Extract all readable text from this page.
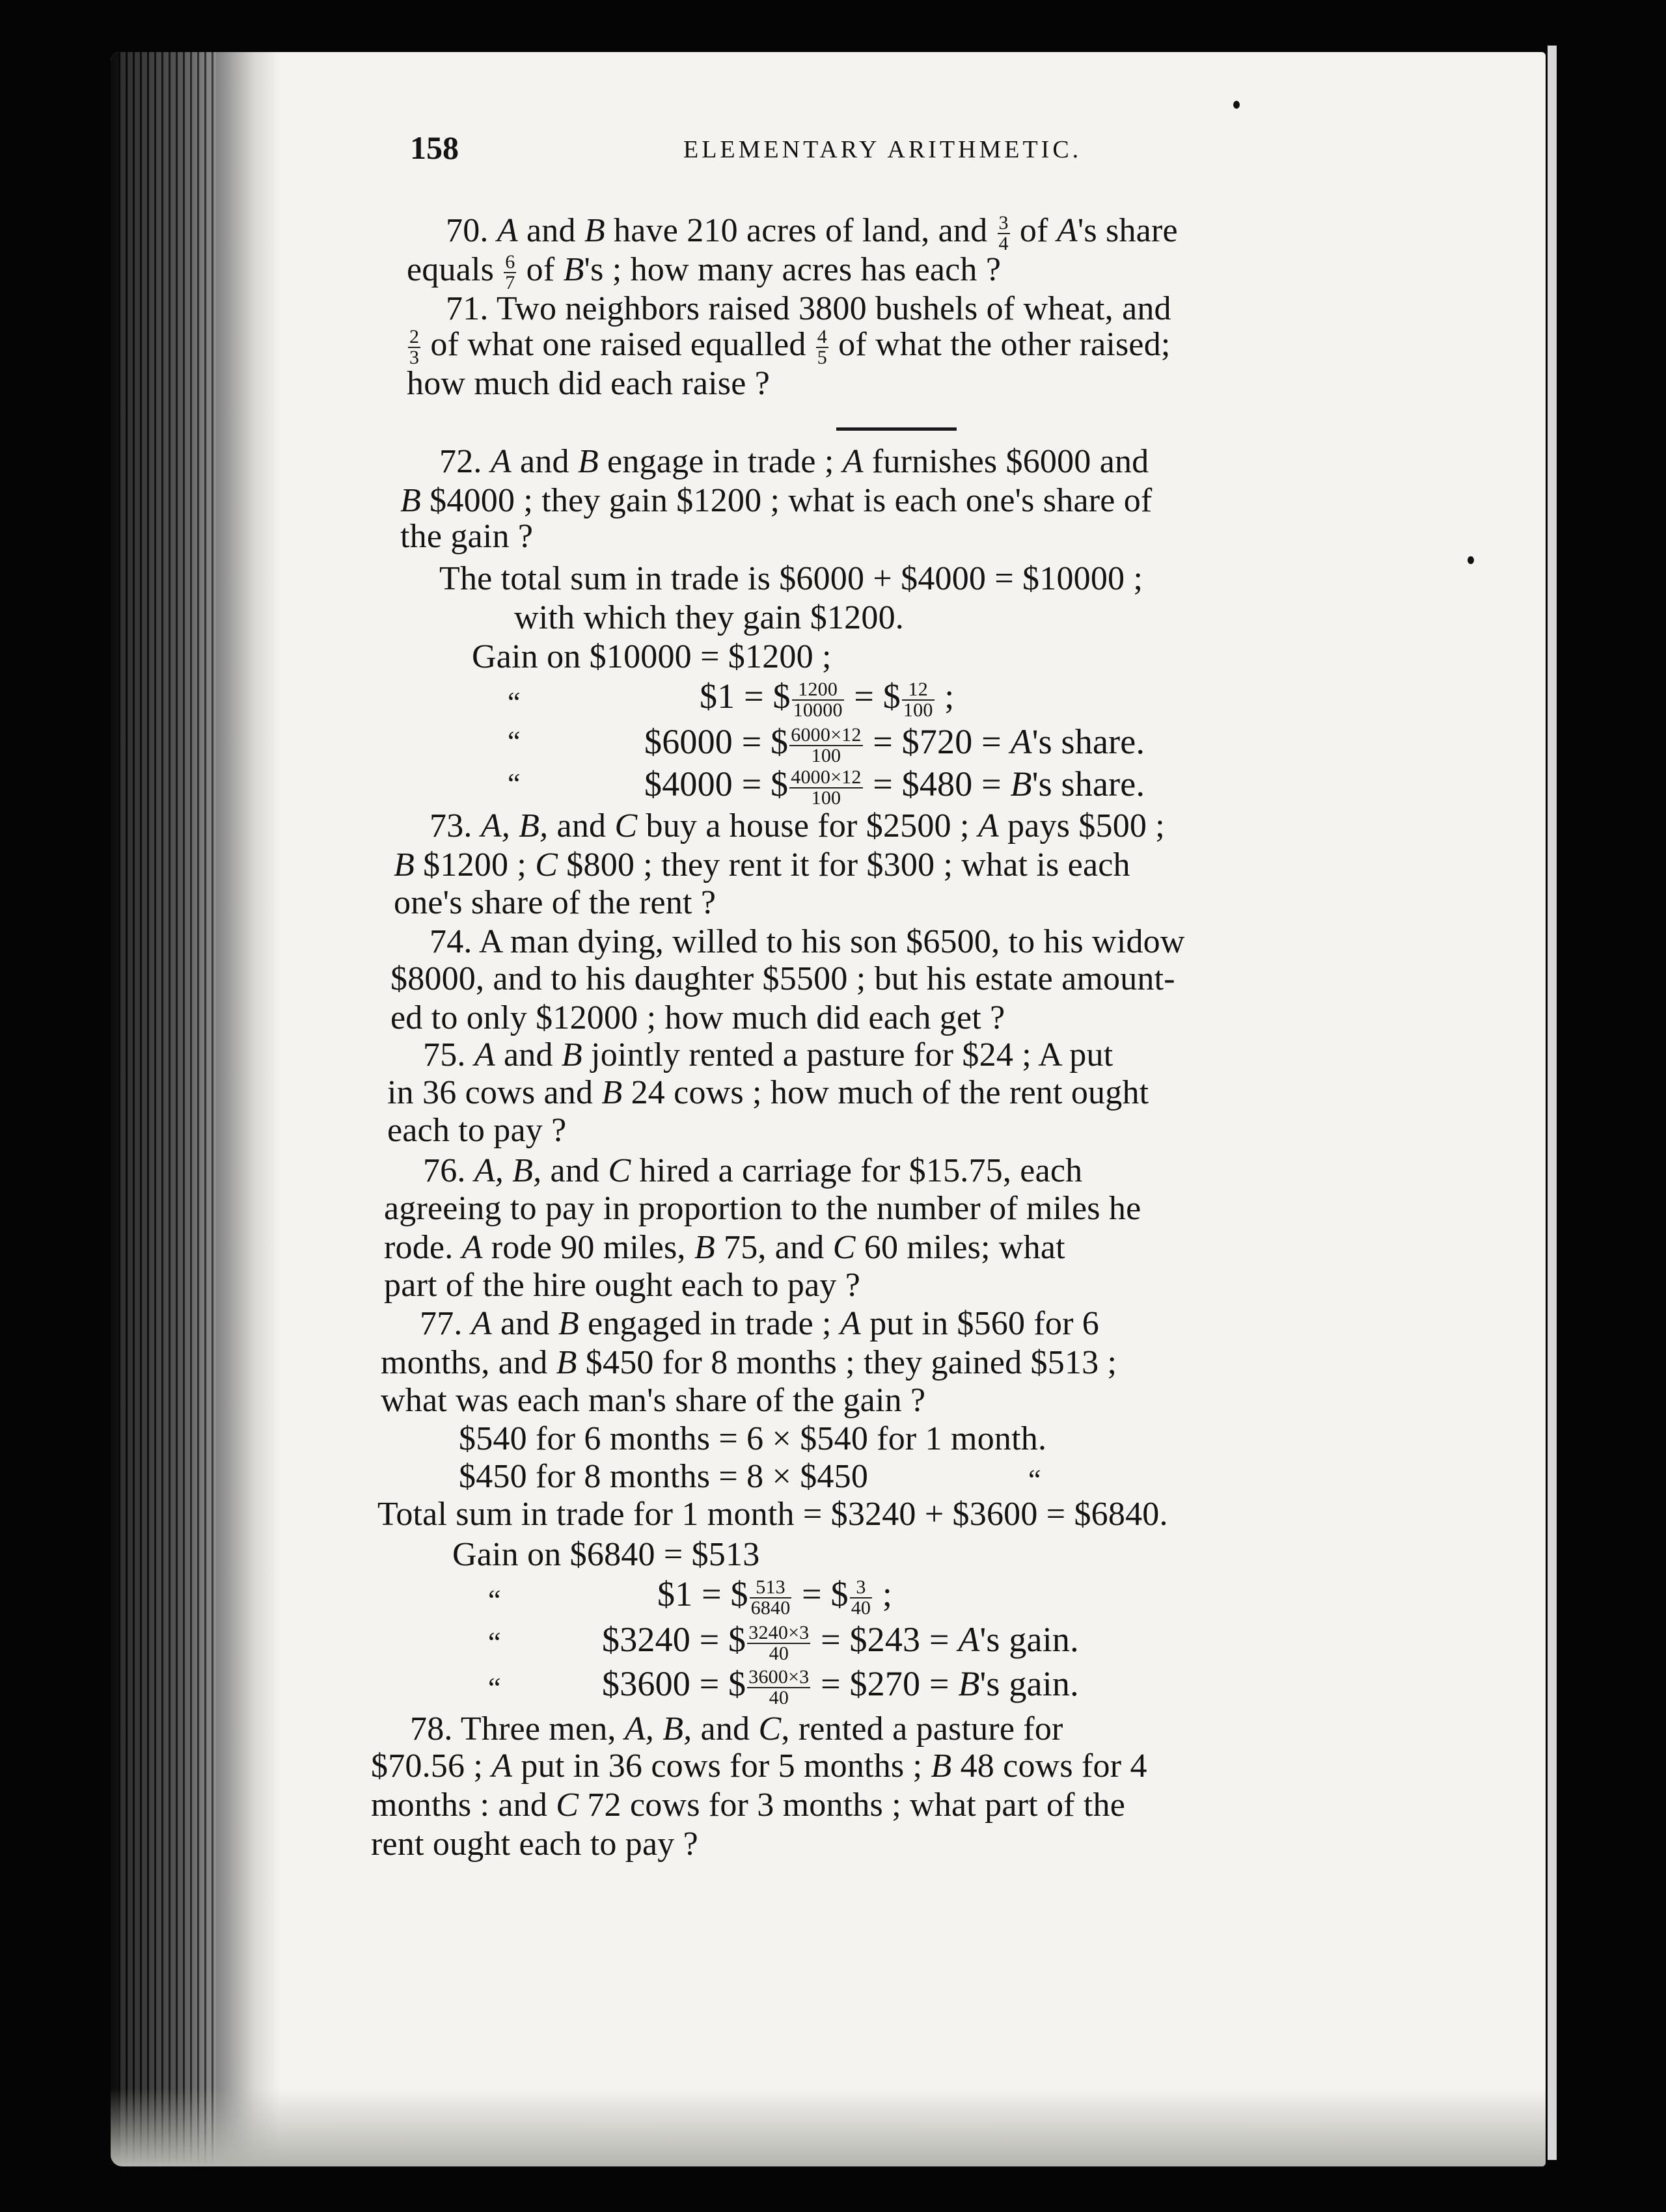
158	ELEMENTARY ARITHMETIC.
70. A and B have 210 acres of land, and $\frac{3}{4}$ of A's share
equals $\frac{6}{7}$ of B's ; how many acres has each ?
71. Two neighbors raised 3800 bushels of wheat, and
$\frac{2}{3}$ of what one raised equalled $\frac{4}{5}$ of what the other raised;
how much did each raise ?
72. A and B engage in trade ; A furnishes $6000 and
B $4000 ; they gain $1200 ; what is each one's share of
the gain ?
The total sum in trade is $6000 + $4000 = $10000 ;
with which they gain $1200.
Gain on $10000 = $1200 ;
“	$1 = $ $\frac{1200}{10000}$ = $ $\frac{12}{100}$ ;
“	$6000 = $ $\frac{6000\times 12}{100}$ = $720 = A's share.
“	$4000 = $ $\frac{4000\times 12}{100}$ = $480 = B's share.
73. A, B, and C buy a house for $2500 ; A pays $500 ;
B $1200 ; C $800 ; they rent it for $300 ; what is each
one's share of the rent ?
74. A man dying, willed to his son $6500, to his widow
$8000, and to his daughter $5500 ; but his estate amount-
ed to only $12000 ; how much did each get ?
75. A and B jointly rented a pasture for $24 ; A put
in 36 cows and B 24 cows ; how much of the rent ought
each to pay ?
76. A, B, and C hired a carriage for $15.75, each
agreeing to pay in proportion to the number of miles he
rode. A rode 90 miles, B 75, and C 60 miles; what
part of the hire ought each to pay ?
77. A and B engaged in trade ; A put in $560 for 6
months, and B $450 for 8 months ; they gained $513 ;
what was each man's share of the gain ?
$540 for 6 months = 6 × $540 for 1 month.
$450 for 8 months = 8 × $450	“
Total sum in trade for 1 month = $3240 + $3600 = $6840.
Gain on $6840 = $513
“	$1 = $ $\frac{513}{6840}$ = $ $\frac{3}{40}$ ;
“	$3240 = $ $\frac{3240\times 3}{40}$ = $243 = A's gain.
“	$3600 = $ $\frac{3600\times 3}{40}$ = $270 = B's gain.
78. Three men, A, B, and C, rented a pasture for
$70.56 ; A put in 36 cows for 5 months ; B 48 cows for 4
months : and C 72 cows for 3 months ; what part of the
rent ought each to pay ?
